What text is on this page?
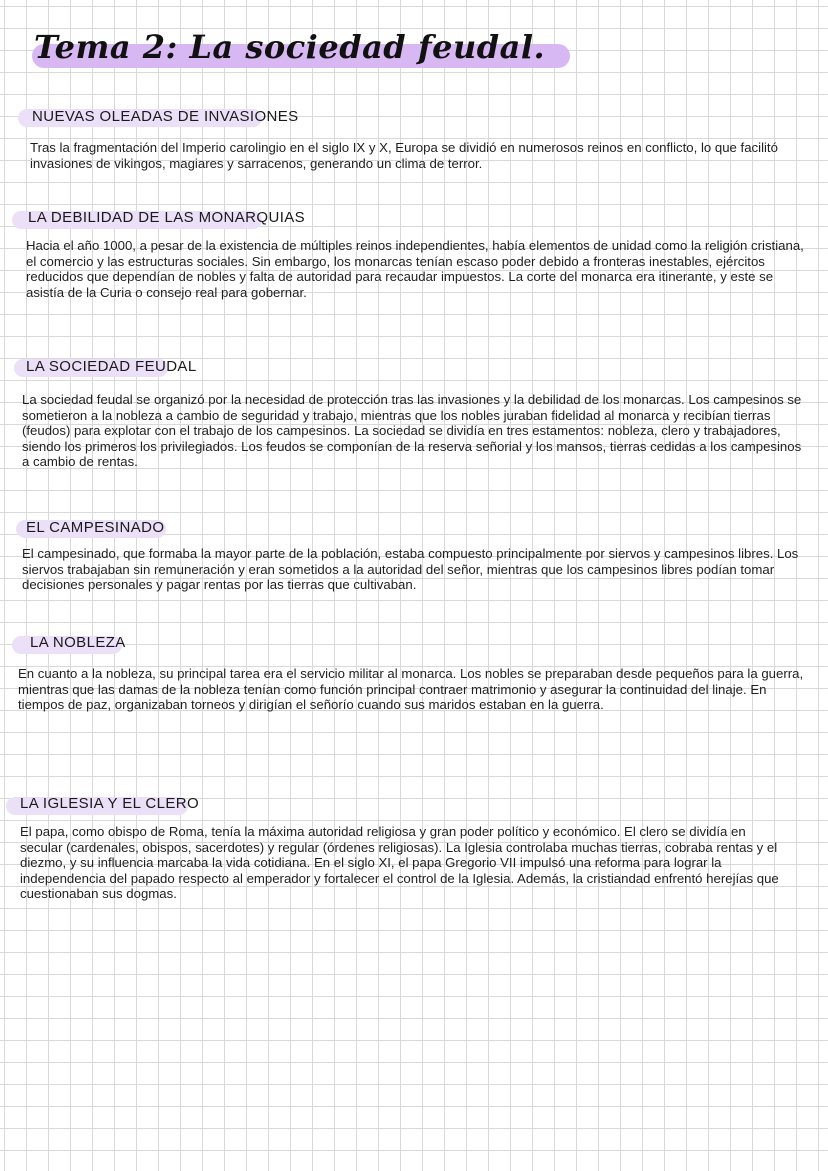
Tema 2: La sociedad feudal.
NUEVAS OLEADAS DE INVASIONES

Tras la fragmentación del Imperio carolingio en el siglo IX y X, Europa se dividió en numerosos reinos en conflicto, lo que facilitó invasiones de vikingos, magiares y sarracenos, generando un clima de terror.

LA DEBILIDAD DE LAS MONARQUIAS

Hacia el año 1000, a pesar de la existencia de múltiples reinos independientes, había elementos de unidad como la religión cristiana, el comercio y las estructuras sociales. Sin embargo, los monarcas tenían escaso poder debido a fronteras inestables, ejércitos reducidos que dependían de nobles y falta de autoridad para recaudar impuestos. La corte del monarca era itinerante, y este se asistía de la Curia o consejo real para gobernar.

LA SOCIEDAD FEUDAL

La sociedad feudal se organizó por la necesidad de protección tras las invasiones y la debilidad de los monarcas. Los campesinos se sometieron a la nobleza a cambio de seguridad y trabajo, mientras que los nobles juraban fidelidad al monarca y recibían tierras (feudos) para explotar con el trabajo de los campesinos. La sociedad se dividía en tres estamentos: nobleza, clero y trabajadores, siendo los primeros los privilegiados. Los feudos se componían de la reserva señorial y los mansos, tierras cedidas a los campesinos a cambio de rentas.

EL CAMPESINADO

El campesinado, que formaba la mayor parte de la población, estaba compuesto principalmente por siervos y campesinos libres. Los siervos trabajaban sin remuneración y eran sometidos a la autoridad del señor, mientras que los campesinos libres podían tomar decisiones personales y pagar rentas por las tierras que cultivaban.

LA NOBLEZA

En cuanto a la nobleza, su principal tarea era el servicio militar al monarca. Los nobles se preparaban desde pequeños para la guerra, mientras que las damas de la nobleza tenían como función principal contraer matrimonio y asegurar la continuidad del linaje. En tiempos de paz, organizaban torneos y dirigían el señorío cuando sus maridos estaban en la guerra.

LA IGLESIA Y EL CLERO

El papa, como obispo de Roma, tenía la máxima autoridad religiosa y gran poder político y económico. El clero se dividía en secular (cardenales, obispos, sacerdotes) y regular (órdenes religiosas). La Iglesia controlaba muchas tierras, cobraba rentas y el diezmo, y su influencia marcaba la vida cotidiana. En el siglo XI, el papa Gregorio VII impulsó una reforma para lograr la independencia del papado respecto al emperador y fortalecer el control de la Iglesia. Además, la cristiandad enfrentó herejías que cuestionaban sus dogmas.
